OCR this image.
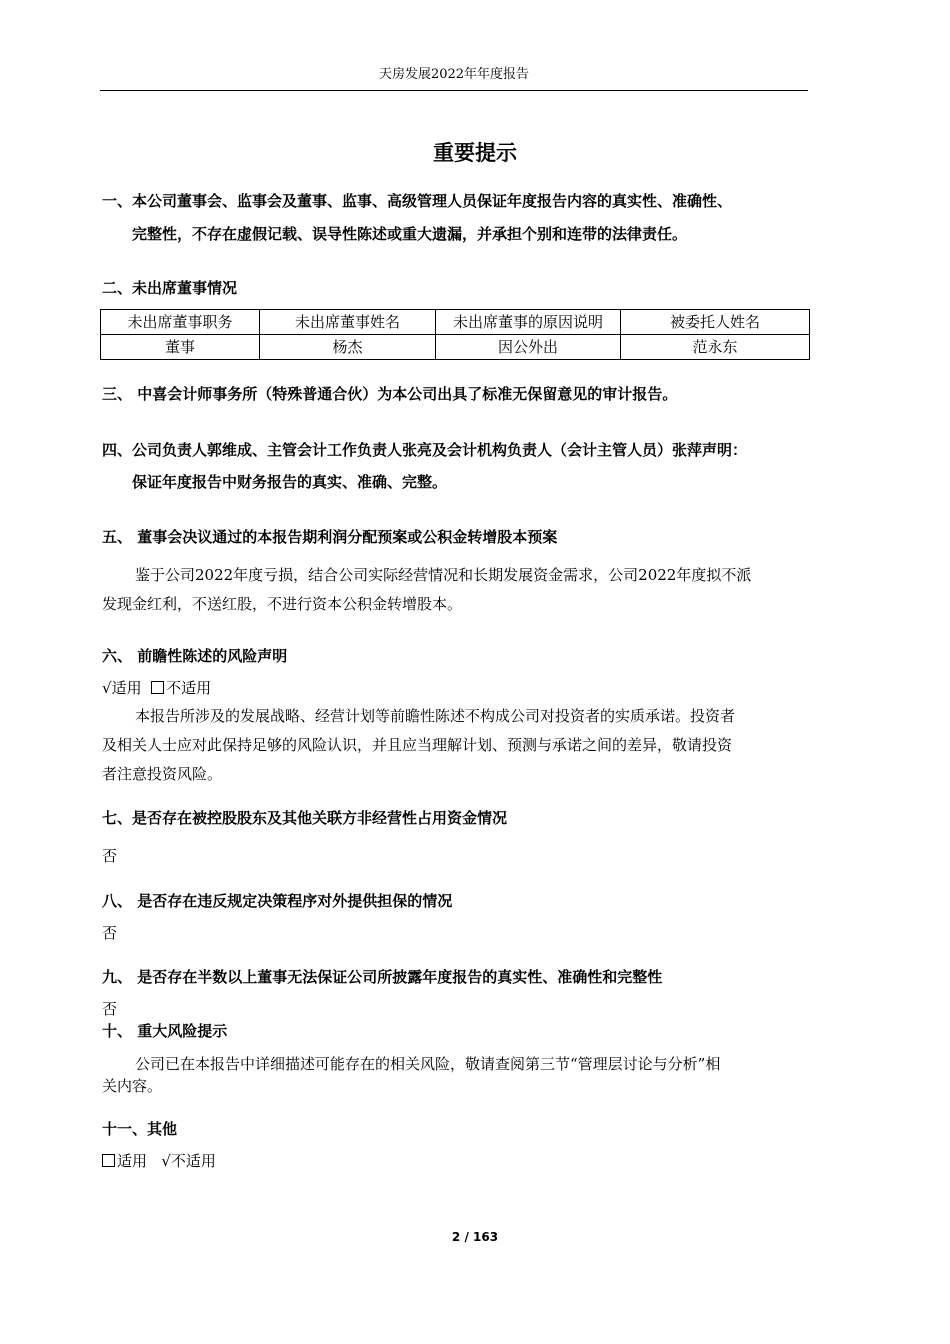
天房发展2022年年度报告
重要提示
一、本公司董事会、监事会及董事、监事、高级管理人员保证年度报告内容的真实性、准确性、
完整性，不存在虚假记载、误导性陈述或重大遗漏，并承担个别和连带的法律责任。
二、未出席董事情况
未出席董事职务	未出席董事姓名	未出席董事的原因说明	被委托人姓名
董事	杨杰	因公外出	范永东
三、 中喜会计师事务所（特殊普通合伙）为本公司出具了标准无保留意见的审计报告。
四、公司负责人郭维成、主管会计工作负责人张亮及会计机构负责人（会计主管人员）张萍声明：
保证年度报告中财务报告的真实、准确、完整。
五、 董事会决议通过的本报告期利润分配预案或公积金转增股本预案
鉴于公司2022年度亏损，结合公司实际经营情况和长期发展资金需求，公司2022年度拟不派
发现金红利，不送红股，不进行资本公积金转增股本。
六、 前瞻性陈述的风险声明
√适用 不适用
本报告所涉及的发展战略、经营计划等前瞻性陈述不构成公司对投资者的实质承诺。投资者
及相关人士应对此保持足够的风险认识，并且应当理解计划、预测与承诺之间的差异，敬请投资
者注意投资风险。
七、是否存在被控股股东及其他关联方非经营性占用资金情况
否
八、 是否存在违反规定决策程序对外提供担保的情况
否
九、 是否存在半数以上董事无法保证公司所披露年度报告的真实性、准确性和完整性
否
十、 重大风险提示
公司已在本报告中详细描述可能存在的相关风险，敬请查阅第三节“管理层讨论与分析”相
关内容。
十一、其他
适用 √不适用
2 / 163
